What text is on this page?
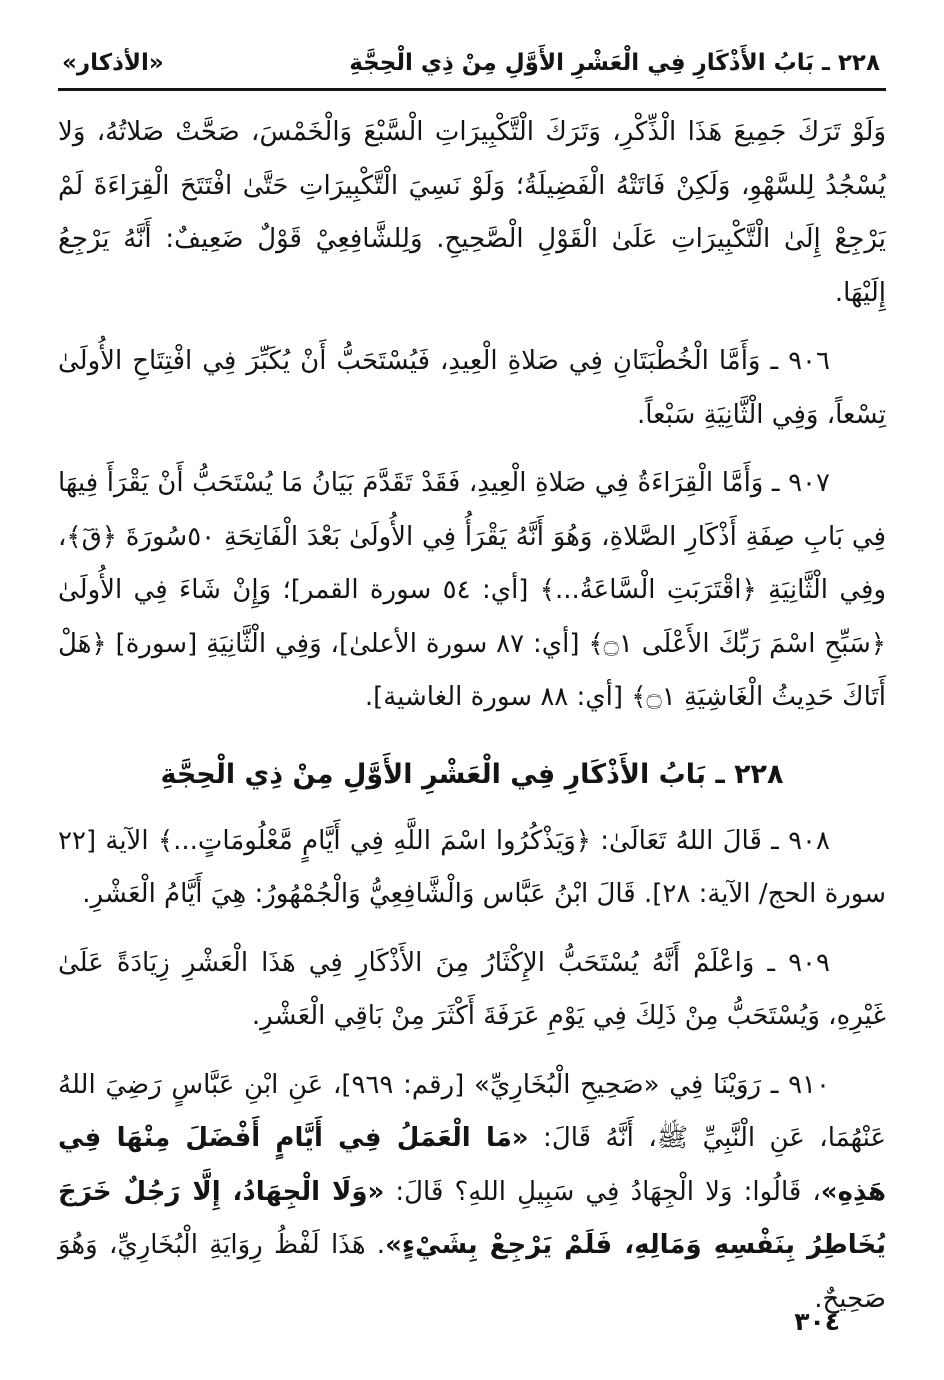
٢٢٨ ـ بَابُ الأَذْكَارِ فِي الْعَشْرِ الأَوَّلِ مِنْ ذِي الْحِجَّةِ
«الأذكار»

وَلَوْ تَرَكَ جَمِيعَ هَذَا الْذِّكْرِ، وَتَرَكَ الْتَّكْبِيرَاتِ الْسَّبْعَ وَالْخَمْسَ، صَحَّتْ صَلاتُهُ، وَلا يُسْجُدُ لِلسَّهْوِ، وَلَكِنْ فَاتَتْهُ الْفَضِيلَةُ؛ وَلَوْ نَسِيَ الْتَّكْبِيرَاتِ حَتَّىٰ افْتَتَحَ الْقِرَاءَةَ لَمْ يَرْجِعْ إِلَىٰ الْتَّكْبِيرَاتِ عَلَىٰ الْقَوْلِ الْصَّحِيحِ. وَلِلشَّافِعِيْ قَوْلٌ ضَعِيفٌ: أَنَّهُ يَرْجِعُ إِلَيْهَا.

٩٠٦ ـ وَأَمَّا الْخُطْبَتَانِ فِي صَلاةِ الْعِيدِ، فَيُسْتَحَبُّ أَنْ يُكَبِّرَ فِي افْتِتَاحِ الأُولَىٰ تِسْعاً، وَفِي الْثَّانِيَةِ سَبْعاً.

٩٠٧ ـ وَأَمَّا الْقِرَاءَةُ فِي صَلاةِ الْعِيدِ، فَقَدْ تَقَدَّمَ بَيَانُ مَا يُسْتَحَبُّ أَنْ يَقْرَأَ فِيهَا فِي بَابِ صِفَةِ أَذْكَارِ الصَّلاةِ، وَهُوَ أَنَّهُ يَقْرَأُ فِي الأُولَىٰ بَعْدَ الْفَاتِحَةِ ٥٠سُورَةَ ﴿قٓ﴾، وفِي الْثَّانِيَةِ ﴿اقْتَرَبَتِ الْسَّاعَةُ...﴾ [أي: ٥٤ سورة القمر]؛ وَإِنْ شَاءَ فِي الأُولَىٰ ﴿سَبِّحِ اسْمَ رَبِّكَ الأَعْلَى ۝١﴾ [أي: ٨٧ سورة الأعلىٰ]، وَفِي الْثَّانِيَةِ [سورة] ﴿هَلْ أَتَاكَ حَدِيثُ الْغَاشِيَةِ ۝١﴾ [أي: ٨٨ سورة الغاشية].

٢٢٨ ـ بَابُ الأَذْكَارِ فِي الْعَشْرِ الأَوَّلِ مِنْ ذِي الْحِجَّةِ

٩٠٨ ـ قَالَ اللهُ تَعَالَىٰ: ﴿وَيَذْكُرُوا اسْمَ اللَّهِ فِي أَيَّامٍ مَّعْلُومَاتٍ...﴾ الآية [٢٢ سورة الحج/ الآية: ٢٨]. قَالَ ابْنُ عَبَّاس وَالْشَّافِعِيُّ وَالْجُمْهُورُ: هِيَ أَيَّامُ الْعَشْرِ.

٩٠٩ ـ وَاعْلَمْ أَنَّهُ يُسْتَحَبُّ الإِكْثَارُ مِنَ الأَذْكَارِ فِي هَذَا الْعَشْرِ زِيَادَةً عَلَىٰ غَيْرِهِ، وَيُسْتَحَبُّ مِنْ ذَلِكَ فِي يَوْمِ عَرَفَةَ أَكْثَرَ مِنْ بَاقِي الْعَشْرِ.

٩١٠ ـ رَوَيْنَا فِي «صَحِيحِ الْبُخَارِيِّ» [رقم: ٩٦٩]، عَنِ ابْنِ عَبَّاسٍ رَضِيَ اللهُ عَنْهُمَا، عَنِ الْنَّبِيِّ ﷺ، أَنَّهُ قَالَ: «مَا الْعَمَلُ فِي أَيَّامٍ أَفْضَلَ مِنْهَا فِي هَذِهِ»، قَالُوا: وَلا الْجِهَادُ فِي سَبِيلِ اللهِ؟ قَالَ: «وَلَا الْجِهَادُ، إِلَّا رَجُلٌ خَرَجَ يُخَاطِرُ بِنَفْسِهِ وَمَالِهِ، فَلَمْ يَرْجِعْ بِشَيْءٍ». هَذَا لَفْظُ رِوَايَةِ الْبُخَارِيِّ، وَهُوَ صَحِيحٌ.

٣٠٤
